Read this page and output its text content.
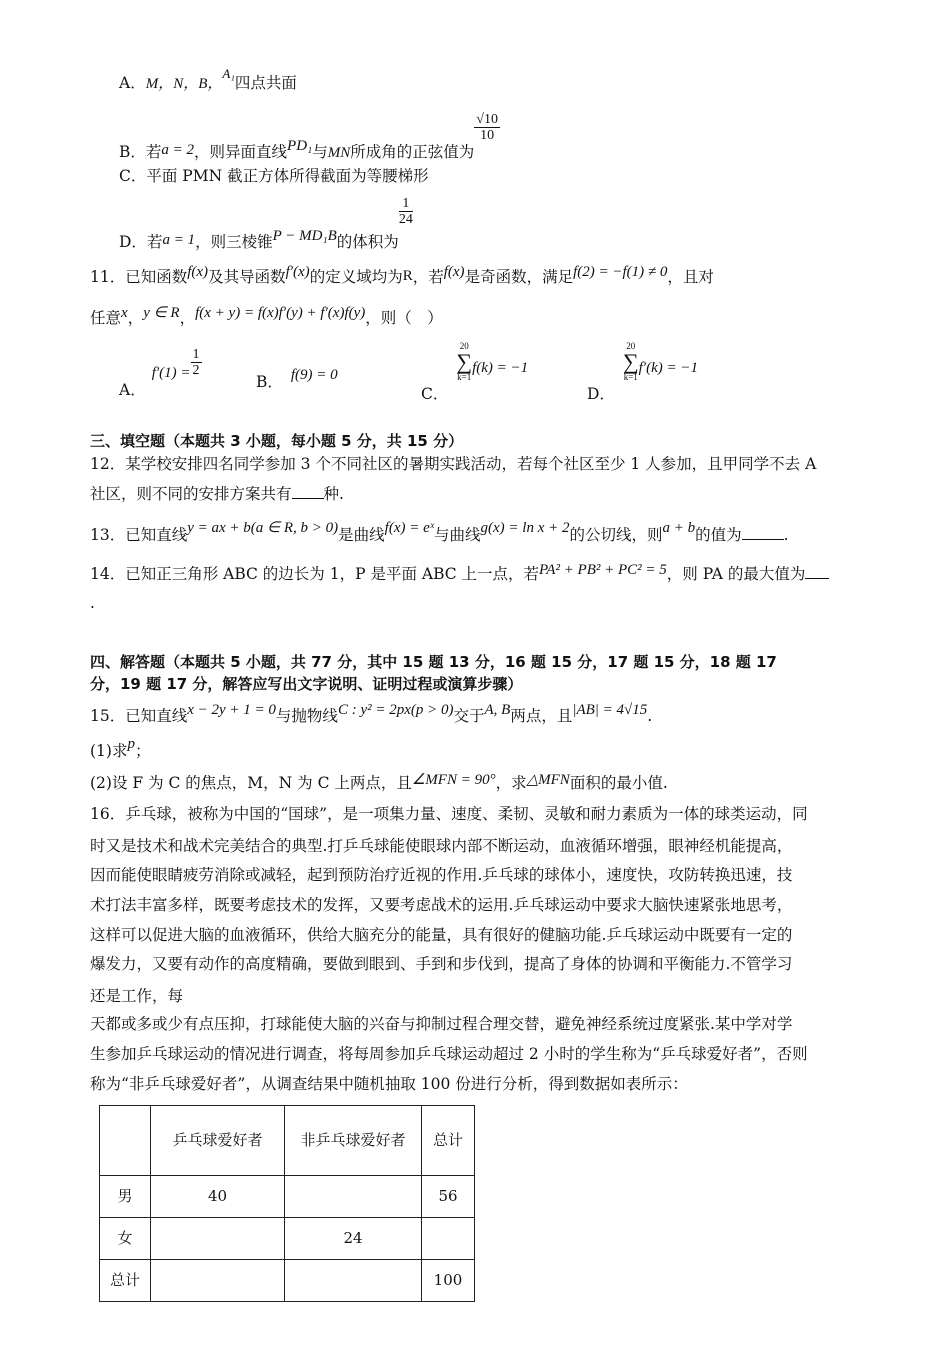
A．M，N，B，$^{A_1}$四点共面
B．若a = 2，则异面直线PD₁与MN所成角的正弦值为
$\frac{√10}{10}$
C．平面 PMN 截正方体所得截面为等腰梯形
D．若a = 1，则三棱锥P − MD₁B的体积为
$\frac{1}{24}$
11．已知函数f(x)及其导函数f′(x)的定义域均为R，若f(x)是奇函数，满足f(2) = −f(1) ≠ 0，且对
任意x，y ∈ R，f(x + y) = f(x)f′(y) + f′(x)f(y)，则（　）
A．$f'(1) = \frac{1}{2}$
B． f(9) = 0
C．
20
∑
k=1
f(k) = −1
D．
20
∑
k=1
f′(k) = −1
三、填空题（本题共 3 小题，每小题 5 分，共 15 分）
12．某学校安排四名同学参加 3 个不同社区的暑期实践活动，若每个社区至少 1 人参加，且甲同学不去 A
社区，则不同的安排方案共有 种.
13．已知直线y = ax + b(a ∈ R, b > 0)是曲线f(x) = eˣ与曲线g(x) = ln x + 2的公切线，则a + b的值为	.
14．已知正三角形 ABC 的边长为 1，P 是平面 ABC 上一点，若PA² + PB² + PC² = 5，则 PA 的最大值为
.
四、解答题（本题共 5 小题，共 77 分，其中 15 题 13 分，16 题 15 分，17 题 15 分，18 题 17
分，19 题 17 分，解答应写出文字说明、证明过程或演算步骤）
15．已知直线x − 2y + 1 = 0与抛物线C : y² = 2px(p > 0)交于A, B两点，且|AB| = 4√15.
(1)求p；
(2)设 F 为 C 的焦点，M，N 为 C 上两点，且∠MFN = 90°，求△MFN面积的最小值.
16．乒乓球，被称为中国的“国球”，是一项集力量、速度、柔韧、灵敏和耐力素质为一体的球类运动，同
时又是技术和战术完美结合的典型.打乒乓球能使眼球内部不断运动，血液循环增强，眼神经机能提高，
因而能使眼睛疲劳消除或减轻，起到预防治疗近视的作用.乒乓球的球体小，速度快，攻防转换迅速，技
术打法丰富多样，既要考虑技术的发挥，又要考虑战术的运用.乒乓球运动中要求大脑快速紧张地思考，
这样可以促进大脑的血液循环，供给大脑充分的能量，具有很好的健脑功能.乒乓球运动中既要有一定的
爆发力，又要有动作的高度精确，要做到眼到、手到和步伐到，提高了身体的协调和平衡能力.不管学习
还是工作，每
天都或多或少有点压抑，打球能使大脑的兴奋与抑制过程合理交替，避免神经系统过度紧张.某中学对学
生参加乒乓球运动的情况进行调查，将每周参加乒乓球运动超过 2 小时的学生称为“乒乓球爱好者”，否则
称为“非乒乓球爱好者”，从调查结果中随机抽取 100 份进行分析，得到数据如表所示：
	乒乓球爱好者	非乒乓球爱好者	总计
男	40		56
女		24	
总计			100
